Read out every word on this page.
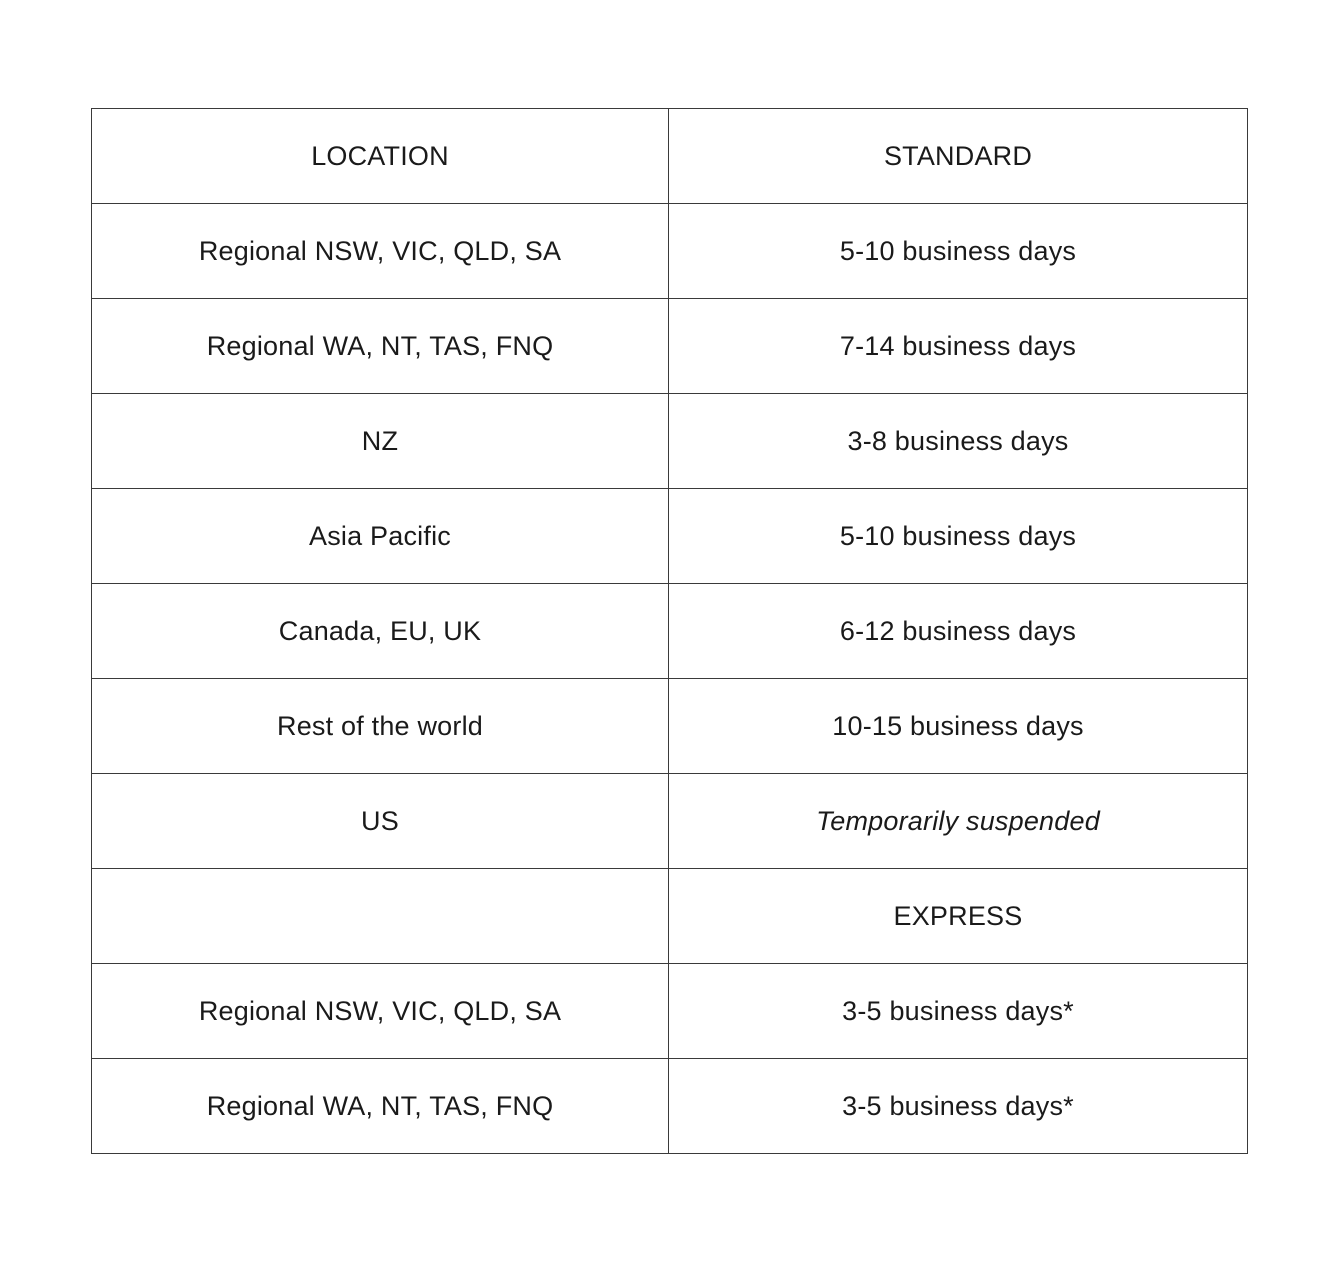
LOCATION	STANDARD
Regional NSW, VIC, QLD, SA	5-10 business days
Regional WA, NT, TAS, FNQ	7-14 business days
NZ	3-8 business days
Asia Pacific	5-10 business days
Canada, EU, UK	6-12 business days
Rest of the world	10-15 business days
US	Temporarily suspended
	EXPRESS
Regional NSW, VIC, QLD, SA	3-5 business days*
Regional WA, NT, TAS, FNQ	3-5 business days*
